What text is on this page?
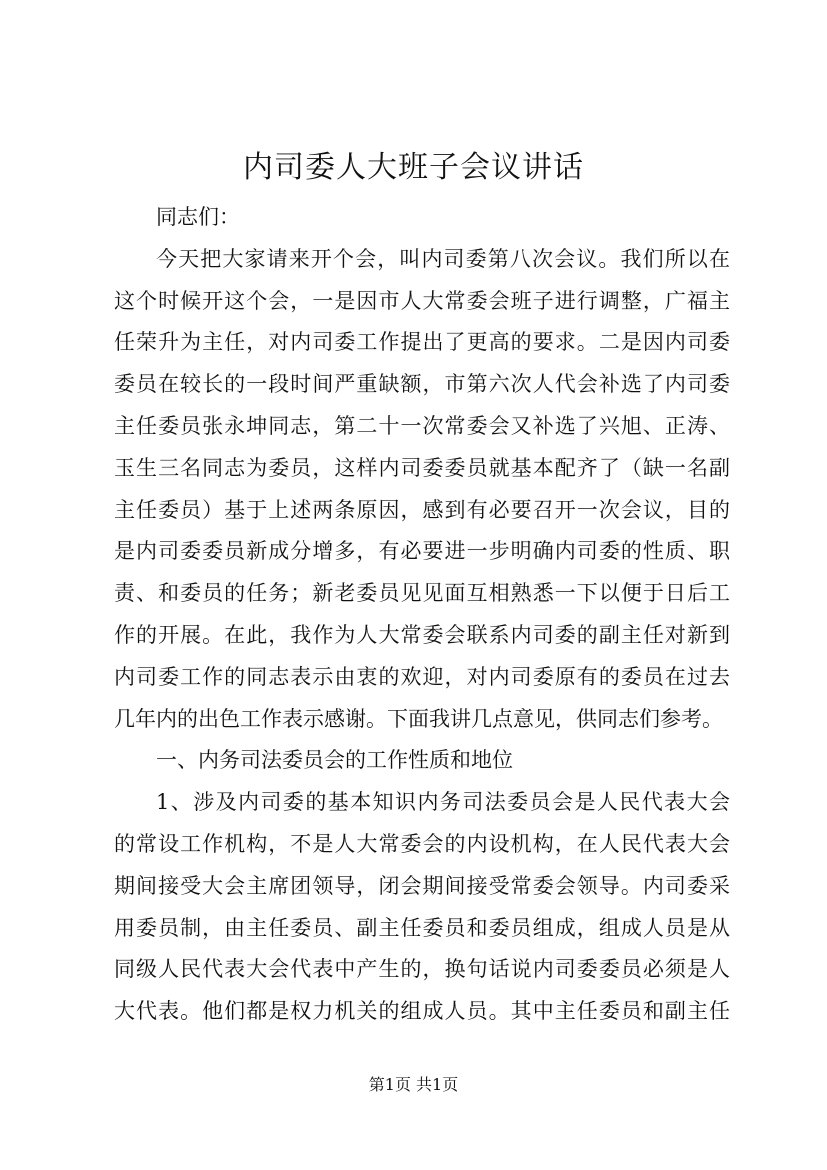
内司委人大班子会议讲话
同志们：
今天把大家请来开个会，叫内司委第八次会议。我们所以在
这个时候开这个会，一是因市人大常委会班子进行调整，广福主
任荣升为主任，对内司委工作提出了更高的要求。二是因内司委
委员在较长的一段时间严重缺额，市第六次人代会补选了内司委
主任委员张永坤同志，第二十一次常委会又补选了兴旭、正涛、
玉生三名同志为委员，这样内司委委员就基本配齐了（缺一名副
主任委员）基于上述两条原因，感到有必要召开一次会议，目的
是内司委委员新成分增多，有必要进一步明确内司委的性质、职
责、和委员的任务；新老委员见见面互相熟悉一下以便于日后工
作的开展。在此，我作为人大常委会联系内司委的副主任对新到
内司委工作的同志表示由衷的欢迎，对内司委原有的委员在过去
几年内的出色工作表示感谢。下面我讲几点意见，供同志们参考。
一、内务司法委员会的工作性质和地位
1、涉及内司委的基本知识内务司法委员会是人民代表大会
的常设工作机构，不是人大常委会的内设机构，在人民代表大会
期间接受大会主席团领导，闭会期间接受常委会领导。内司委采
用委员制，由主任委员、副主任委员和委员组成，组成人员是从
同级人民代表大会代表中产生的，换句话说内司委委员必须是人
大代表。他们都是权力机关的组成人员。其中主任委员和副主任
第1页 共1页
